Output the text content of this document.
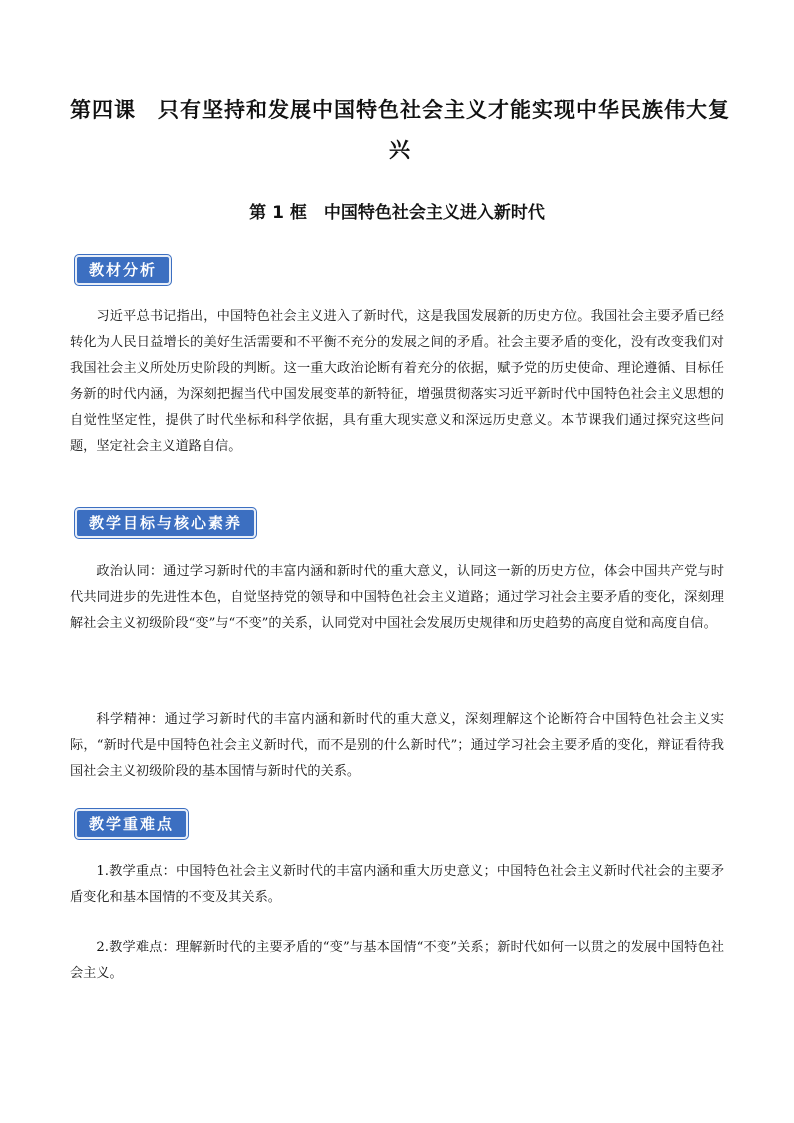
第四课　只有坚持和发展中国特色社会主义才能实现中华民族伟大复
兴
第 1 框　中国特色社会主义进入新时代
教材分析
习近平总书记指出，中国特色社会主义进入了新时代，这是我国发展新的历史方位。我国社会主要矛盾已经转化为人民日益增长的美好生活需要和不平衡不充分的发展之间的矛盾。社会主要矛盾的变化，没有改变我们对我国社会主义所处历史阶段的判断。这一重大政治论断有着充分的依据，赋予党的历史使命、理论遵循、目标任务新的时代内涵，为深刻把握当代中国发展变革的新特征，增强贯彻落实习近平新时代中国特色社会主义思想的自觉性坚定性，提供了时代坐标和科学依据，具有重大现实意义和深远历史意义。本节课我们通过探究这些问题，坚定社会主义道路自信。
教学目标与核心素养
政治认同：通过学习新时代的丰富内涵和新时代的重大意义，认同这一新的历史方位，体会中国共产党与时代共同进步的先进性本色，自觉坚持党的领导和中国特色社会主义道路；通过学习社会主要矛盾的变化，深刻理解社会主义初级阶段“变”与“不变”的关系，认同党对中国社会发展历史规律和历史趋势的高度自觉和高度自信。
科学精神：通过学习新时代的丰富内涵和新时代的重大意义，深刻理解这个论断符合中国特色社会主义实际，“新时代是中国特色社会主义新时代，而不是别的什么新时代”；通过学习社会主要矛盾的变化，辩证看待我国社会主义初级阶段的基本国情与新时代的关系。
教学重难点
1.教学重点：中国特色社会主义新时代的丰富内涵和重大历史意义；中国特色社会主义新时代社会的主要矛盾变化和基本国情的不变及其关系。
2.教学难点：理解新时代的主要矛盾的“变”与基本国情“不变”关系；新时代如何一以贯之的发展中国特色社会主义。
